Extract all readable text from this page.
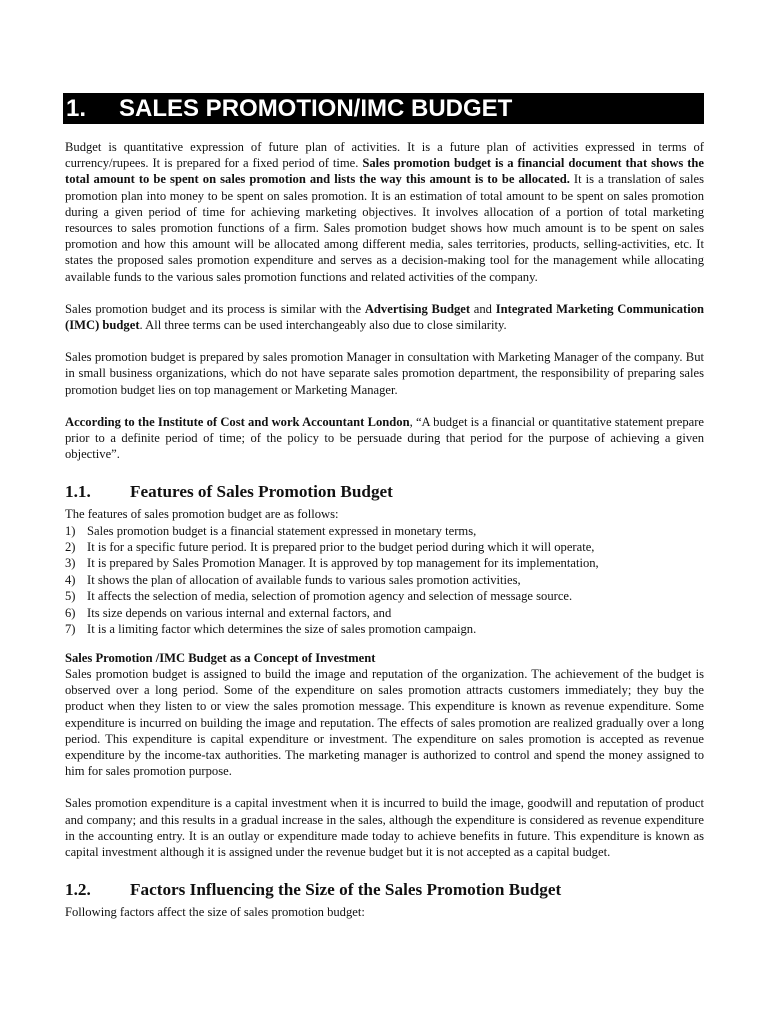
1. SALES PROMOTION/IMC BUDGET

Budget is quantitative expression of future plan of activities. It is a future plan of activities expressed in terms of currency/rupees. It is prepared for a fixed period of time. Sales promotion budget is a financial document that shows the total amount to be spent on sales promotion and lists the way this amount is to be allocated. It is a translation of sales promotion plan into money to be spent on sales promotion. It is an estimation of total amount to be spent on sales promotion during a given period of time for achieving marketing objectives. It involves allocation of a portion of total marketing resources to sales promotion functions of a firm. Sales promotion budget shows how much amount is to be spent on sales promotion and how this amount will be allocated among different media, sales territories, products, selling-activities, etc. It states the proposed sales promotion expenditure and serves as a decision-making tool for the management while allocating available funds to the various sales promotion functions and related activities of the company.

Sales promotion budget and its process is similar with the Advertising Budget and Integrated Marketing Communication (IMC) budget. All three terms can be used interchangeably also due to close similarity.

Sales promotion budget is prepared by sales promotion Manager in consultation with Marketing Manager of the company. But in small business organizations, which do not have separate sales promotion department, the responsibility of preparing sales promotion budget lies on top management or Marketing Manager.

According to the Institute of Cost and work Accountant London, “A budget is a financial or quantitative statement prepare prior to a definite period of time; of the policy to be persuade during that period for the purpose of achieving a given objective”.

1.1. Features of Sales Promotion Budget

The features of sales promotion budget are as follows:

1) Sales promotion budget is a financial statement expressed in monetary terms,
2) It is for a specific future period. It is prepared prior to the budget period during which it will operate,
3) It is prepared by Sales Promotion Manager. It is approved by top management for its implementation,
4) It shows the plan of allocation of available funds to various sales promotion activities,
5) It affects the selection of media, selection of promotion agency and selection of message source.
6) Its size depends on various internal and external factors, and
7) It is a limiting factor which determines the size of sales promotion campaign.
Sales Promotion /IMC Budget as a Concept of Investment

Sales promotion budget is assigned to build the image and reputation of the organization. The achievement of the budget is observed over a long period. Some of the expenditure on sales promotion attracts customers immediately; they buy the product when they listen to or view the sales promotion message. This expenditure is known as revenue expenditure. Some expenditure is incurred on building the image and reputation. The effects of sales promotion are realized gradually over a long period. This expenditure is capital expenditure or investment. The expenditure on sales promotion is accepted as revenue expenditure by the income-tax authorities. The marketing manager is authorized to control and spend the money assigned to him for sales promotion purpose.

Sales promotion expenditure is a capital investment when it is incurred to build the image, goodwill and reputation of product and company; and this results in a gradual increase in the sales, although the expenditure is considered as revenue expenditure in the accounting entry. It is an outlay or expenditure made today to achieve benefits in future. This expenditure is known as capital investment although it is assigned under the revenue budget but it is not accepted as a capital budget.

1.2. Factors Influencing the Size of the Sales Promotion Budget

Following factors affect the size of sales promotion budget:
